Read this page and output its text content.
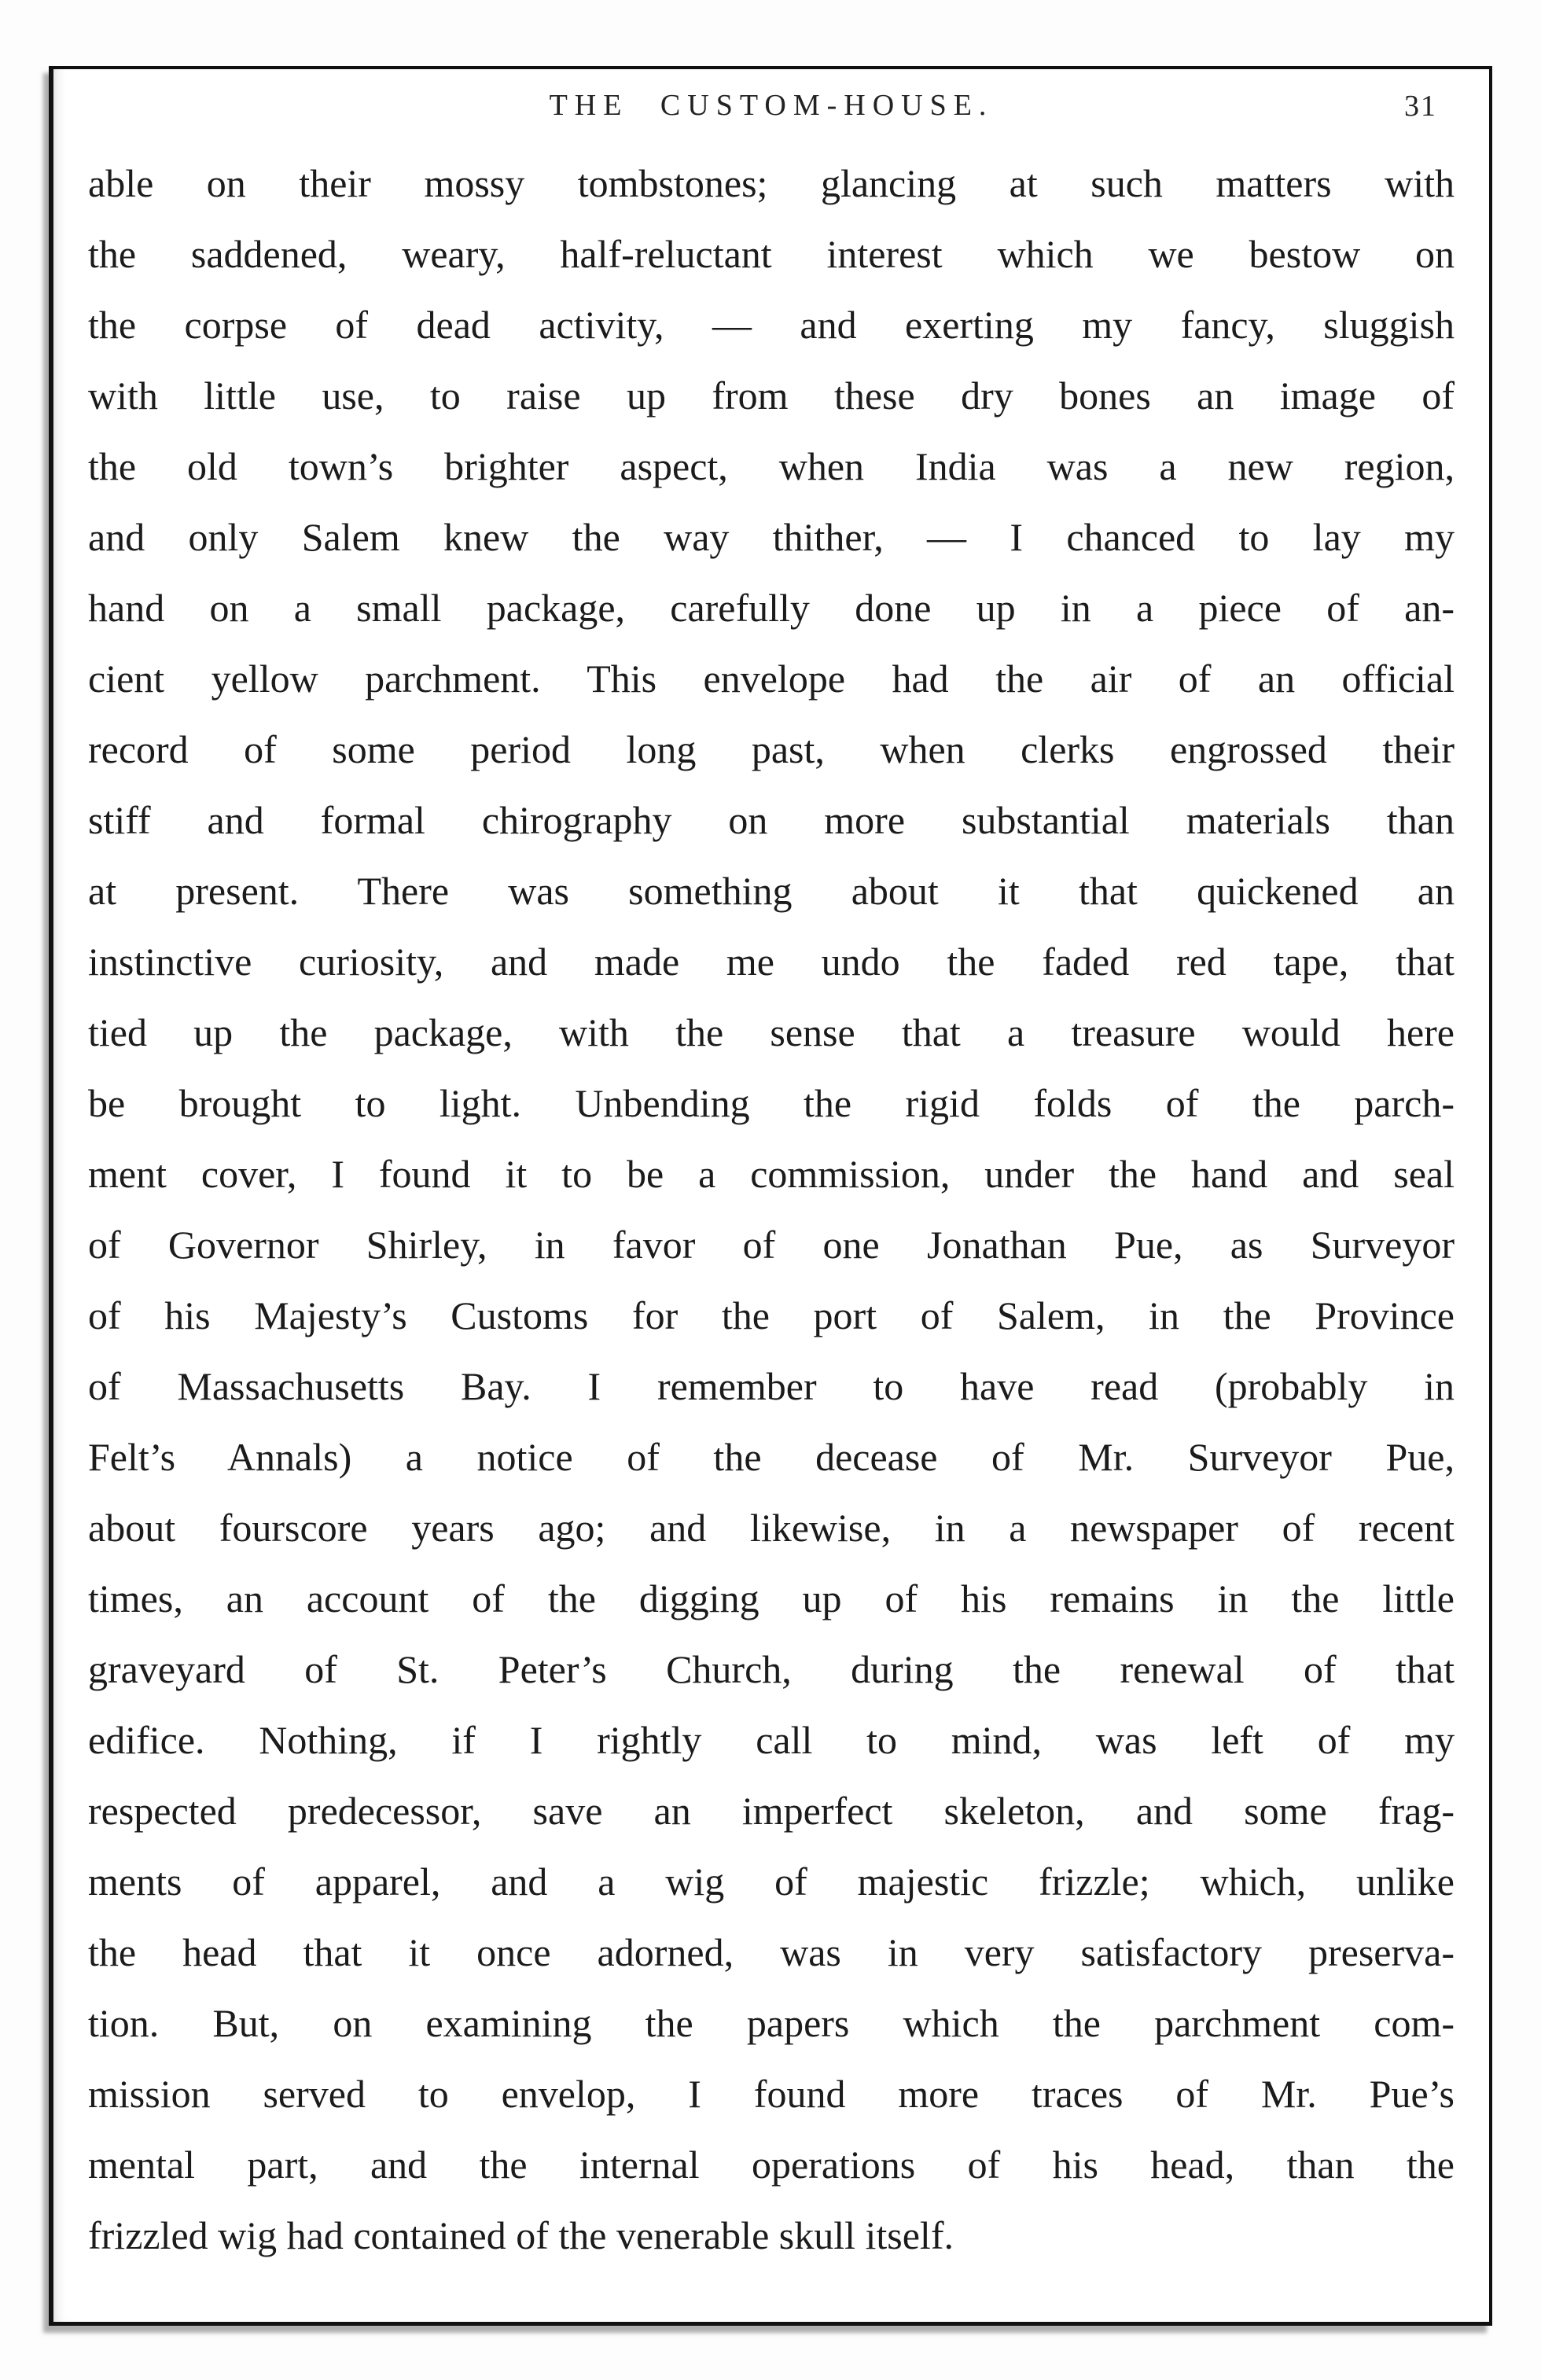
THE CUSTOM-HOUSE.	31
able on their mossy tombstones; glancing at such matters with
the saddened, weary, half-reluctant interest which we bestow on
the corpse of dead activity, — and exerting my fancy, sluggish
with little use, to raise up from these dry bones an image of
the old town’s brighter aspect, when India was a new region,
and only Salem knew the way thither, — I chanced to lay my
hand on a small package, carefully done up in a piece of an-
cient yellow parchment. This envelope had the air of an official
record of some period long past, when clerks engrossed their
stiff and formal chirography on more substantial materials than
at present. There was something about it that quickened an
instinctive curiosity, and made me undo the faded red tape, that
tied up the package, with the sense that a treasure would here
be brought to light. Unbending the rigid folds of the parch-
ment cover, I found it to be a commission, under the hand and seal
of Governor Shirley, in favor of one Jonathan Pue, as Surveyor
of his Majesty’s Customs for the port of Salem, in the Province
of Massachusetts Bay. I remember to have read (probably in
Felt’s Annals) a notice of the decease of Mr. Surveyor Pue,
about fourscore years ago; and likewise, in a newspaper of recent
times, an account of the digging up of his remains in the little
graveyard of St. Peter’s Church, during the renewal of that
edifice. Nothing, if I rightly call to mind, was left of my
respected predecessor, save an imperfect skeleton, and some frag-
ments of apparel, and a wig of majestic frizzle; which, unlike
the head that it once adorned, was in very satisfactory preserva-
tion. But, on examining the papers which the parchment com-
mission served to envelop, I found more traces of Mr. Pue’s
mental part, and the internal operations of his head, than the
frizzled wig had contained of the venerable skull itself.
